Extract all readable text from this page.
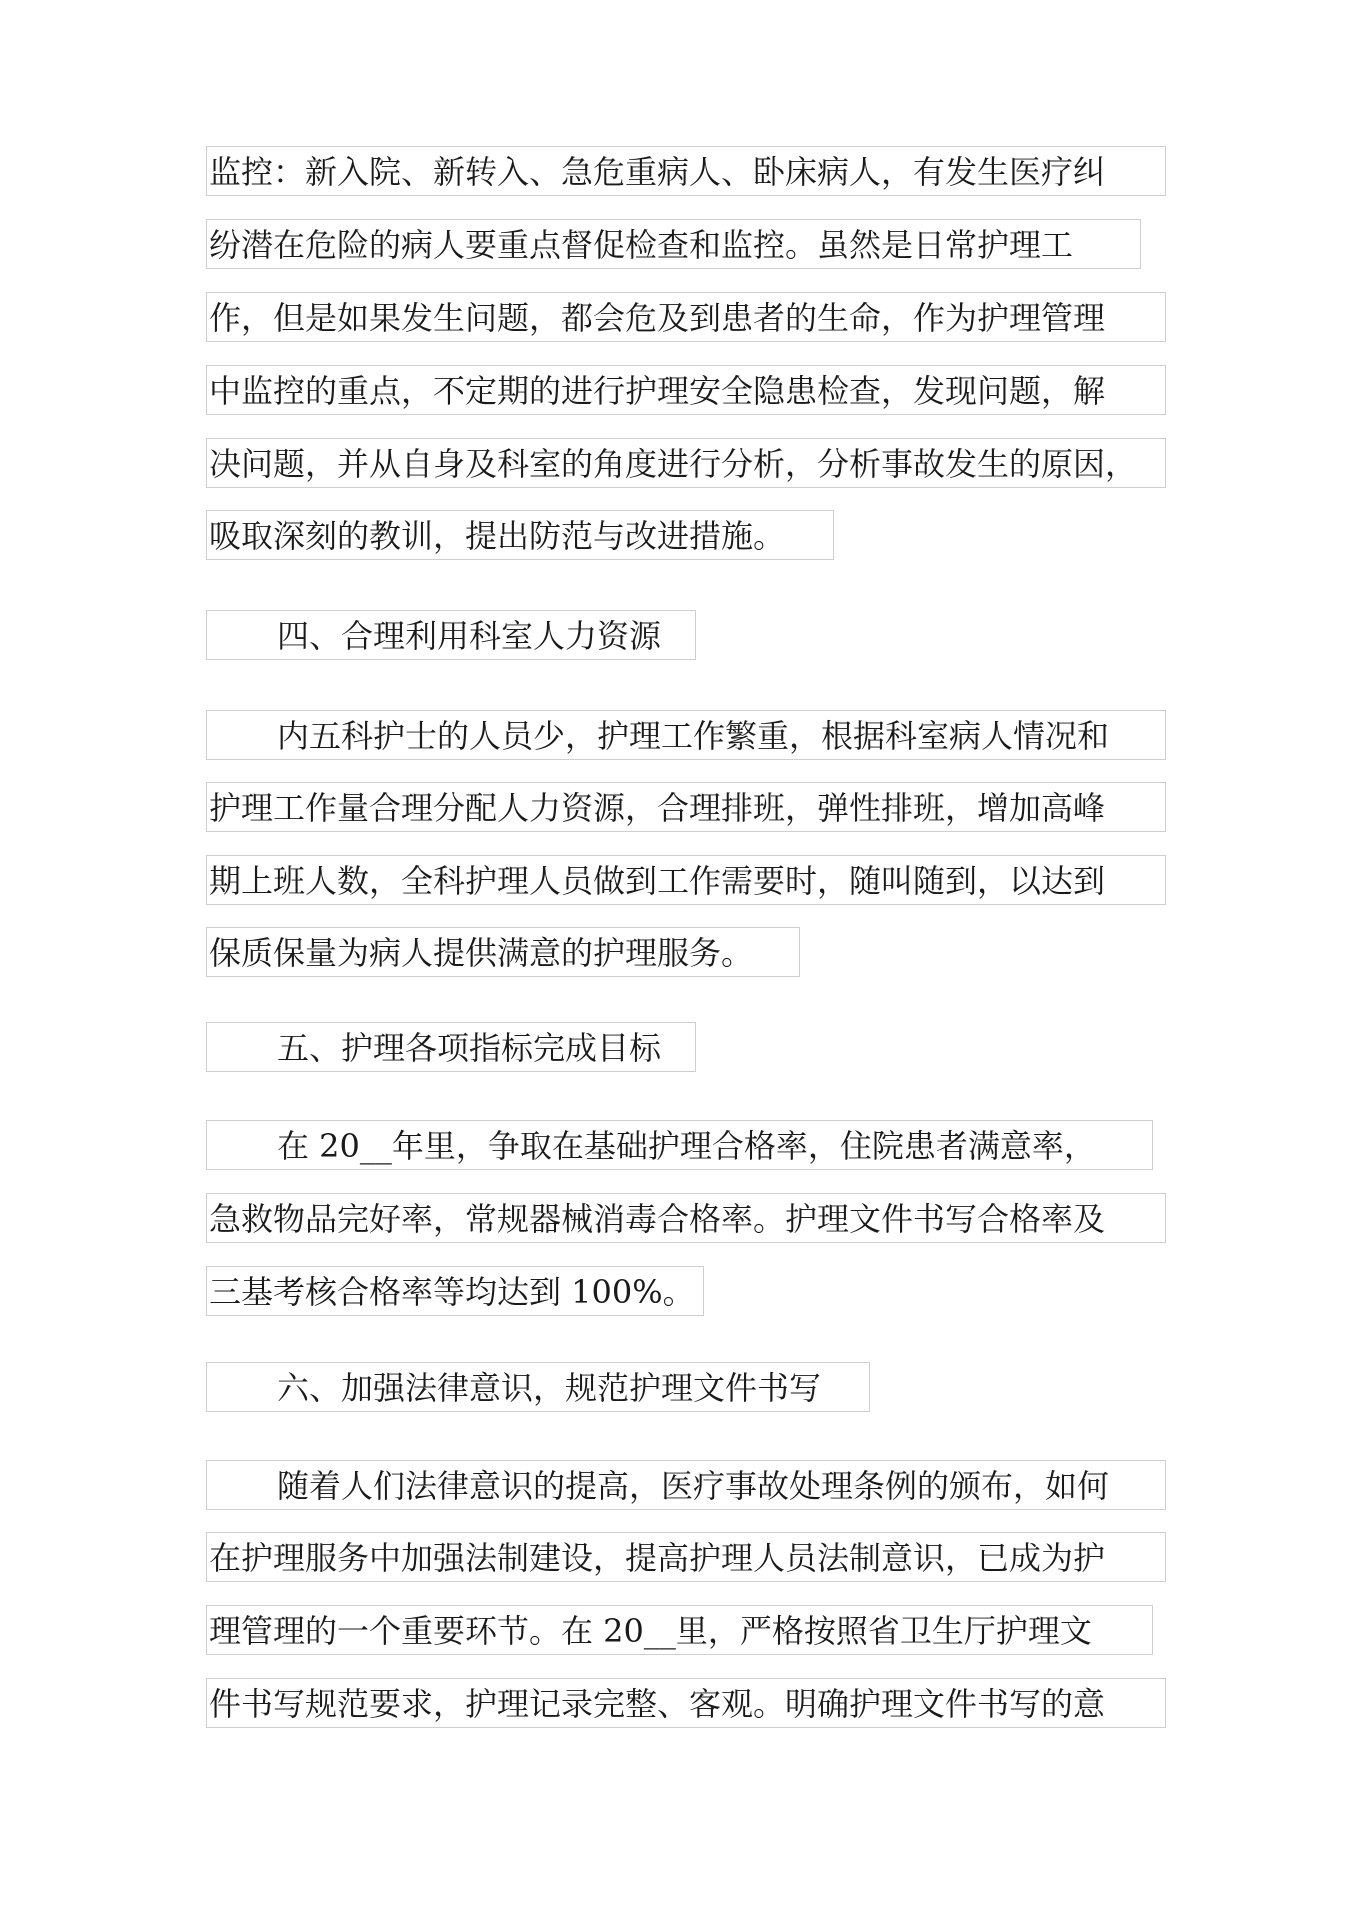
监控：新入院、新转入、急危重病人、卧床病人，有发生医疗纠
纷潜在危险的病人要重点督促检查和监控。虽然是日常护理工
作，但是如果发生问题，都会危及到患者的生命，作为护理管理
中监控的重点，不定期的进行护理安全隐患检查，发现问题，解
决问题，并从自身及科室的角度进行分析，分析事故发生的原因，
吸取深刻的教训，提出防范与改进措施。
四、合理利用科室人力资源
内五科护士的人员少，护理工作繁重，根据科室病人情况和
护理工作量合理分配人力资源，合理排班，弹性排班，增加高峰
期上班人数，全科护理人员做到工作需要时，随叫随到，以达到
保质保量为病人提供满意的护理服务。
五、护理各项指标完成目标
在 20__年里，争取在基础护理合格率，住院患者满意率，
急救物品完好率，常规器械消毒合格率。护理文件书写合格率及
三基考核合格率等均达到 100%。
六、加强法律意识，规范护理文件书写
随着人们法律意识的提高，医疗事故处理条例的颁布，如何
在护理服务中加强法制建设，提高护理人员法制意识，已成为护
理管理的一个重要环节。在 20__里，严格按照省卫生厅护理文
件书写规范要求，护理记录完整、客观。明确护理文件书写的意
